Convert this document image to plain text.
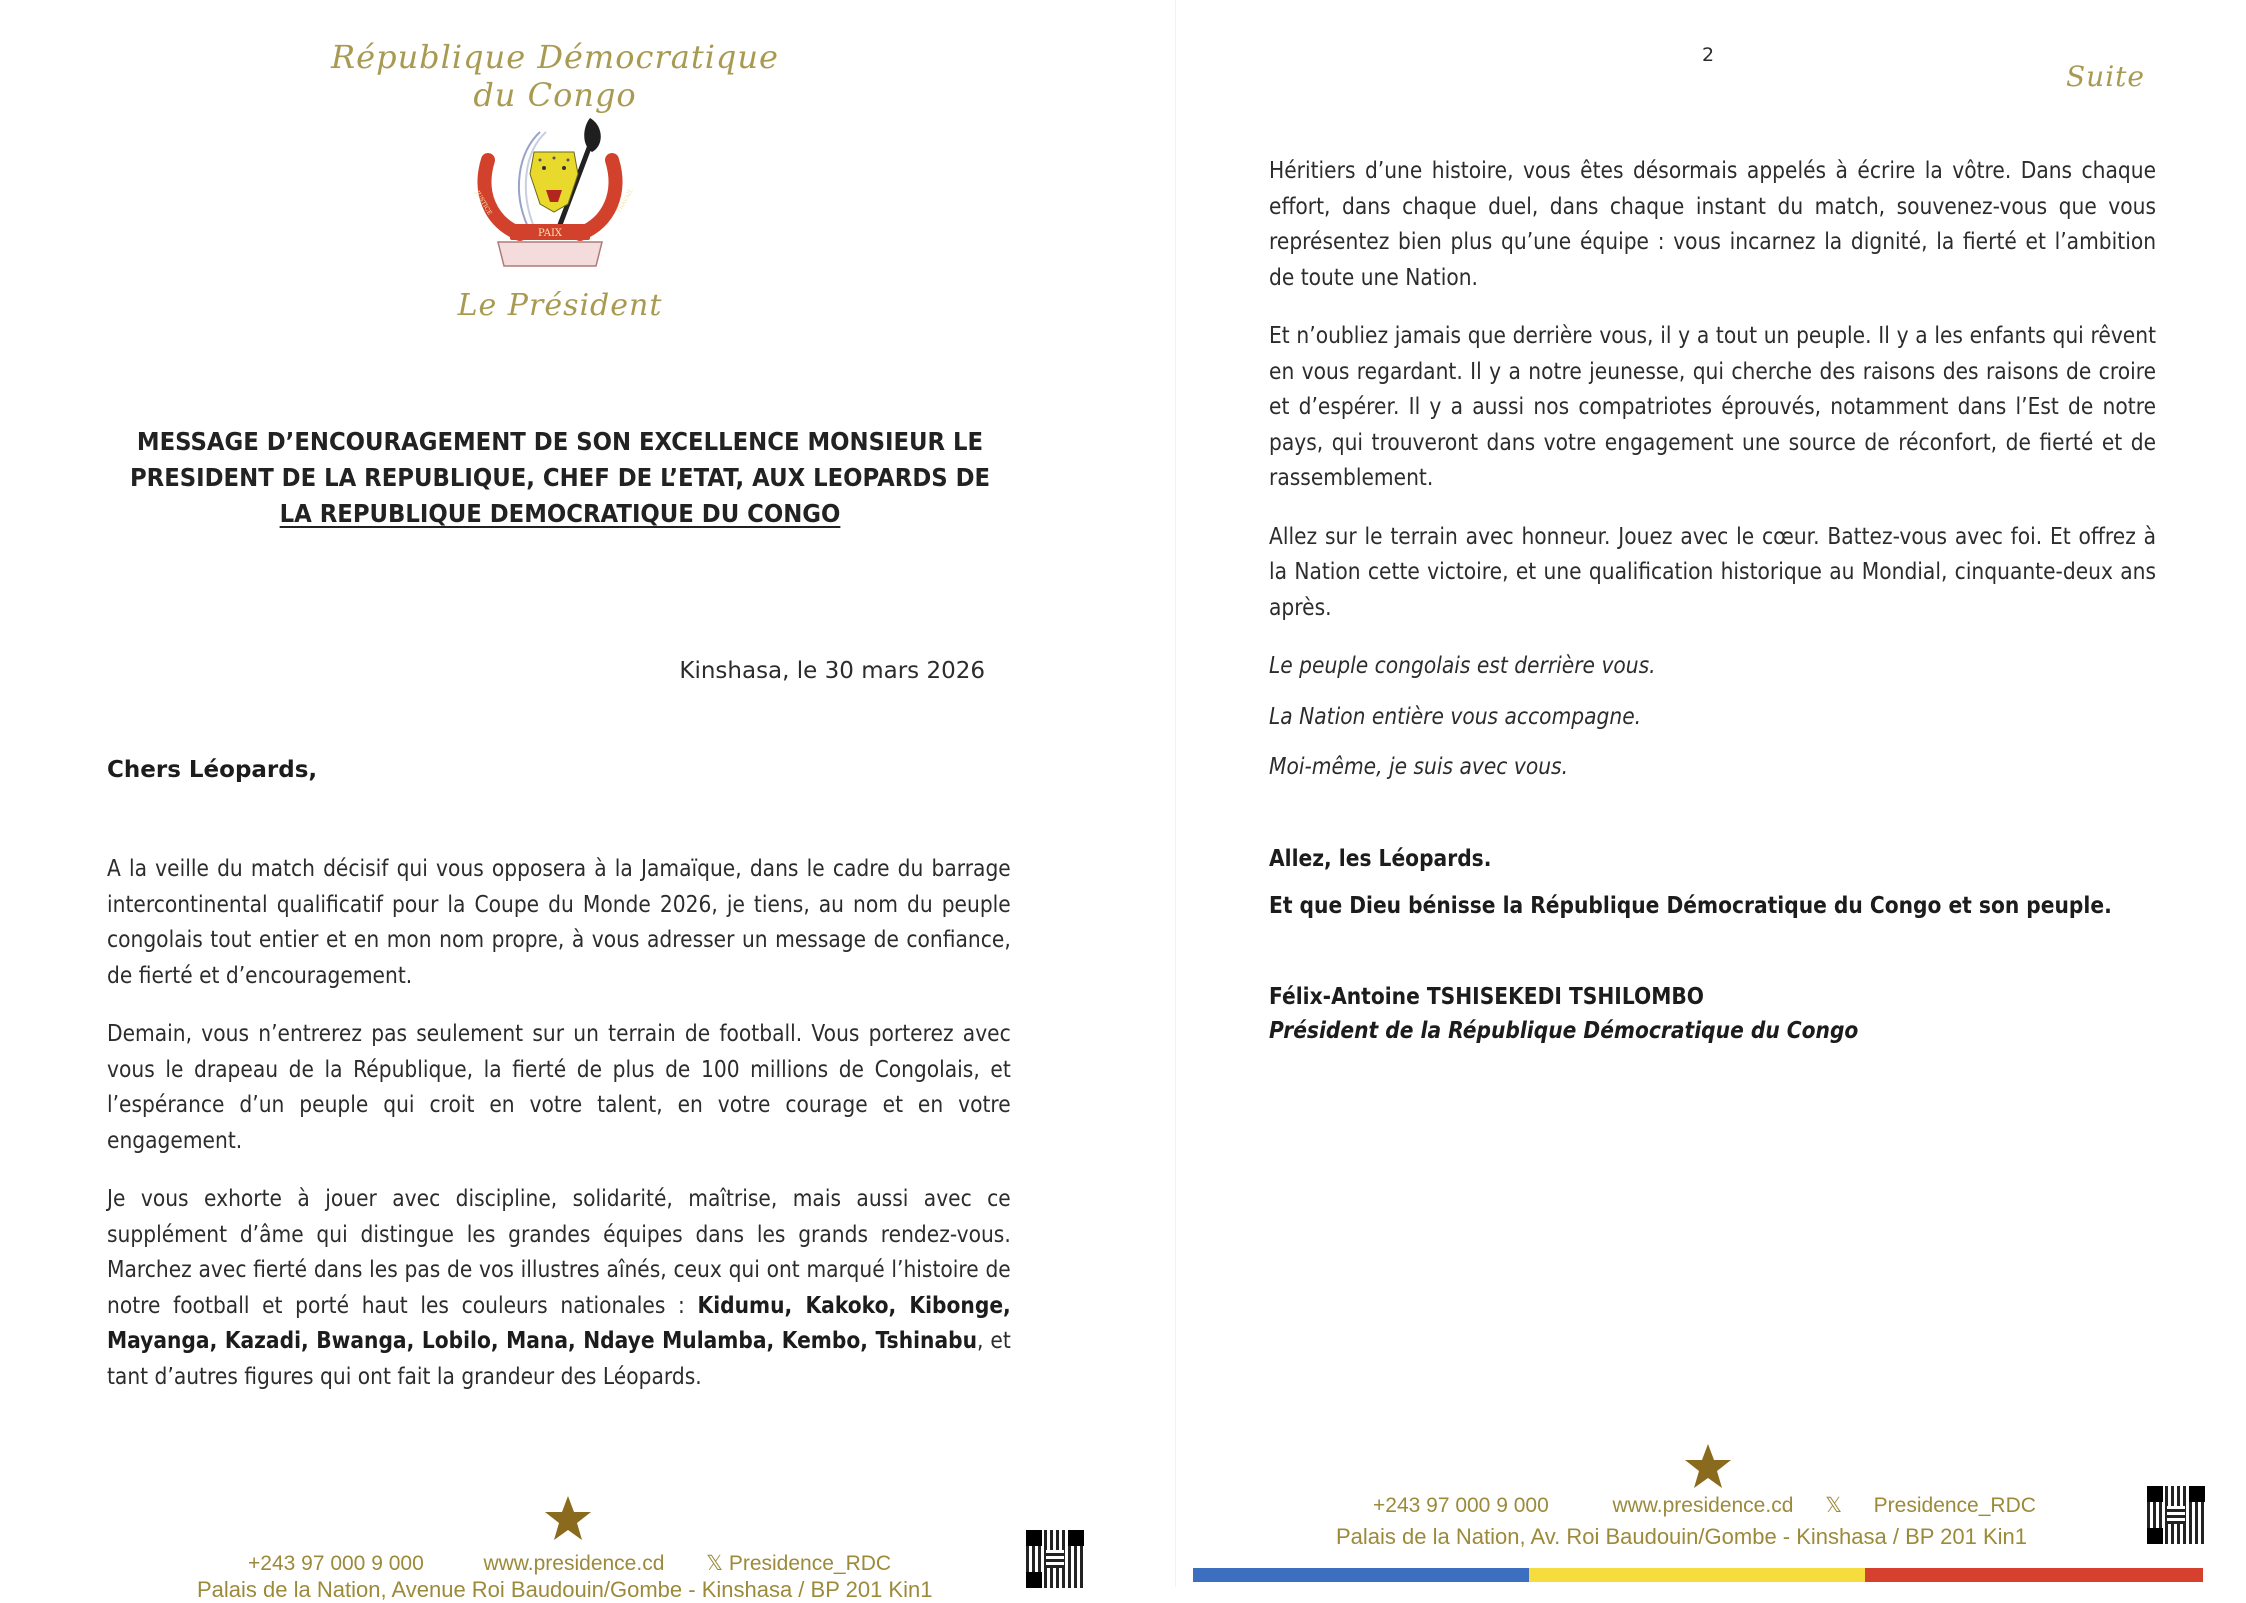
République Démocratique du Congo
PAIX
JUSTICE	TRAVAIL
Le Président
MESSAGE D’ENCOURAGEMENT DE SON EXCELLENCE MONSIEUR LE
PRESIDENT DE LA REPUBLIQUE, CHEF DE L’ETAT, AUX LEOPARDS DE
LA REPUBLIQUE DEMOCRATIQUE DU CONGO
Kinshasa, le 30 mars 2026
Chers Léopards,

A la veille du match décisif qui vous opposera à la Jamaïque, dans le cadre du barrage intercontinental qualificatif pour la Coupe du Monde 2026, je tiens, au nom du peuple congolais tout entier et en mon nom propre, à vous adresser un message de confiance, de fierté et d’encouragement.

Demain, vous n’entrerez pas seulement sur un terrain de football. Vous porterez avec vous le drapeau de la République, la fierté de plus de 100 millions de Congolais, et l’espérance d’un peuple qui croit en votre talent, en votre courage et en votre engagement.

Je vous exhorte à jouer avec discipline, solidarité, maîtrise, mais aussi avec ce supplément d’âme qui distingue les grandes équipes dans les grands rendez-vous. Marchez avec fierté dans les pas de vos illustres aînés, ceux qui ont marqué l’histoire de notre football et porté haut les couleurs nationales : Kidumu, Kakoko, Kibonge, Mayanga, Kazadi, Bwanga, Lobilo, Mana, Ndaye Mulamba, Kembo, Tshinabu, et tant d’autres figures qui ont fait la grandeur des Léopards.

+243 97 000 9 000	www.presidence.cd 𝕏 Presidence_RDC
Palais de la Nation, Avenue Roi Baudouin/Gombe - Kinshasa / BP 201 Kin1
2
Suite

Héritiers d’une histoire, vous êtes désormais appelés à écrire la vôtre. Dans chaque effort, dans chaque duel, dans chaque instant du match, souvenez-vous que vous représentez bien plus qu’une équipe : vous incarnez la dignité, la fierté et l’ambition de toute une Nation.

Et n’oubliez jamais que derrière vous, il y a tout un peuple. Il y a les enfants qui rêvent en vous regardant. Il y a notre jeunesse, qui cherche des raisons des raisons de croire et d’espérer. Il y a aussi nos compatriotes éprouvés, notamment dans l’Est de notre pays, qui trouveront dans votre engagement une source de réconfort, de fierté et de rassemblement.

Allez sur le terrain avec honneur. Jouez avec le cœur. Battez-vous avec foi. Et offrez à la Nation cette victoire, et une qualification historique au Mondial, cinquante-deux ans après.

Le peuple congolais est derrière vous.

La Nation entière vous accompagne.

Moi-même, je suis avec vous.

Allez, les Léopards.

Et que Dieu bénisse la République Démocratique du Congo et son peuple.

Félix-Antoine TSHISEKEDI TSHILOMBO
Président de la République Démocratique du Congo
+243 97 000 9 000	www.presidence.cd 𝕏 Presidence_RDC
Palais de la Nation, Av. Roi Baudouin/Gombe - Kinshasa / BP 201 Kin1
